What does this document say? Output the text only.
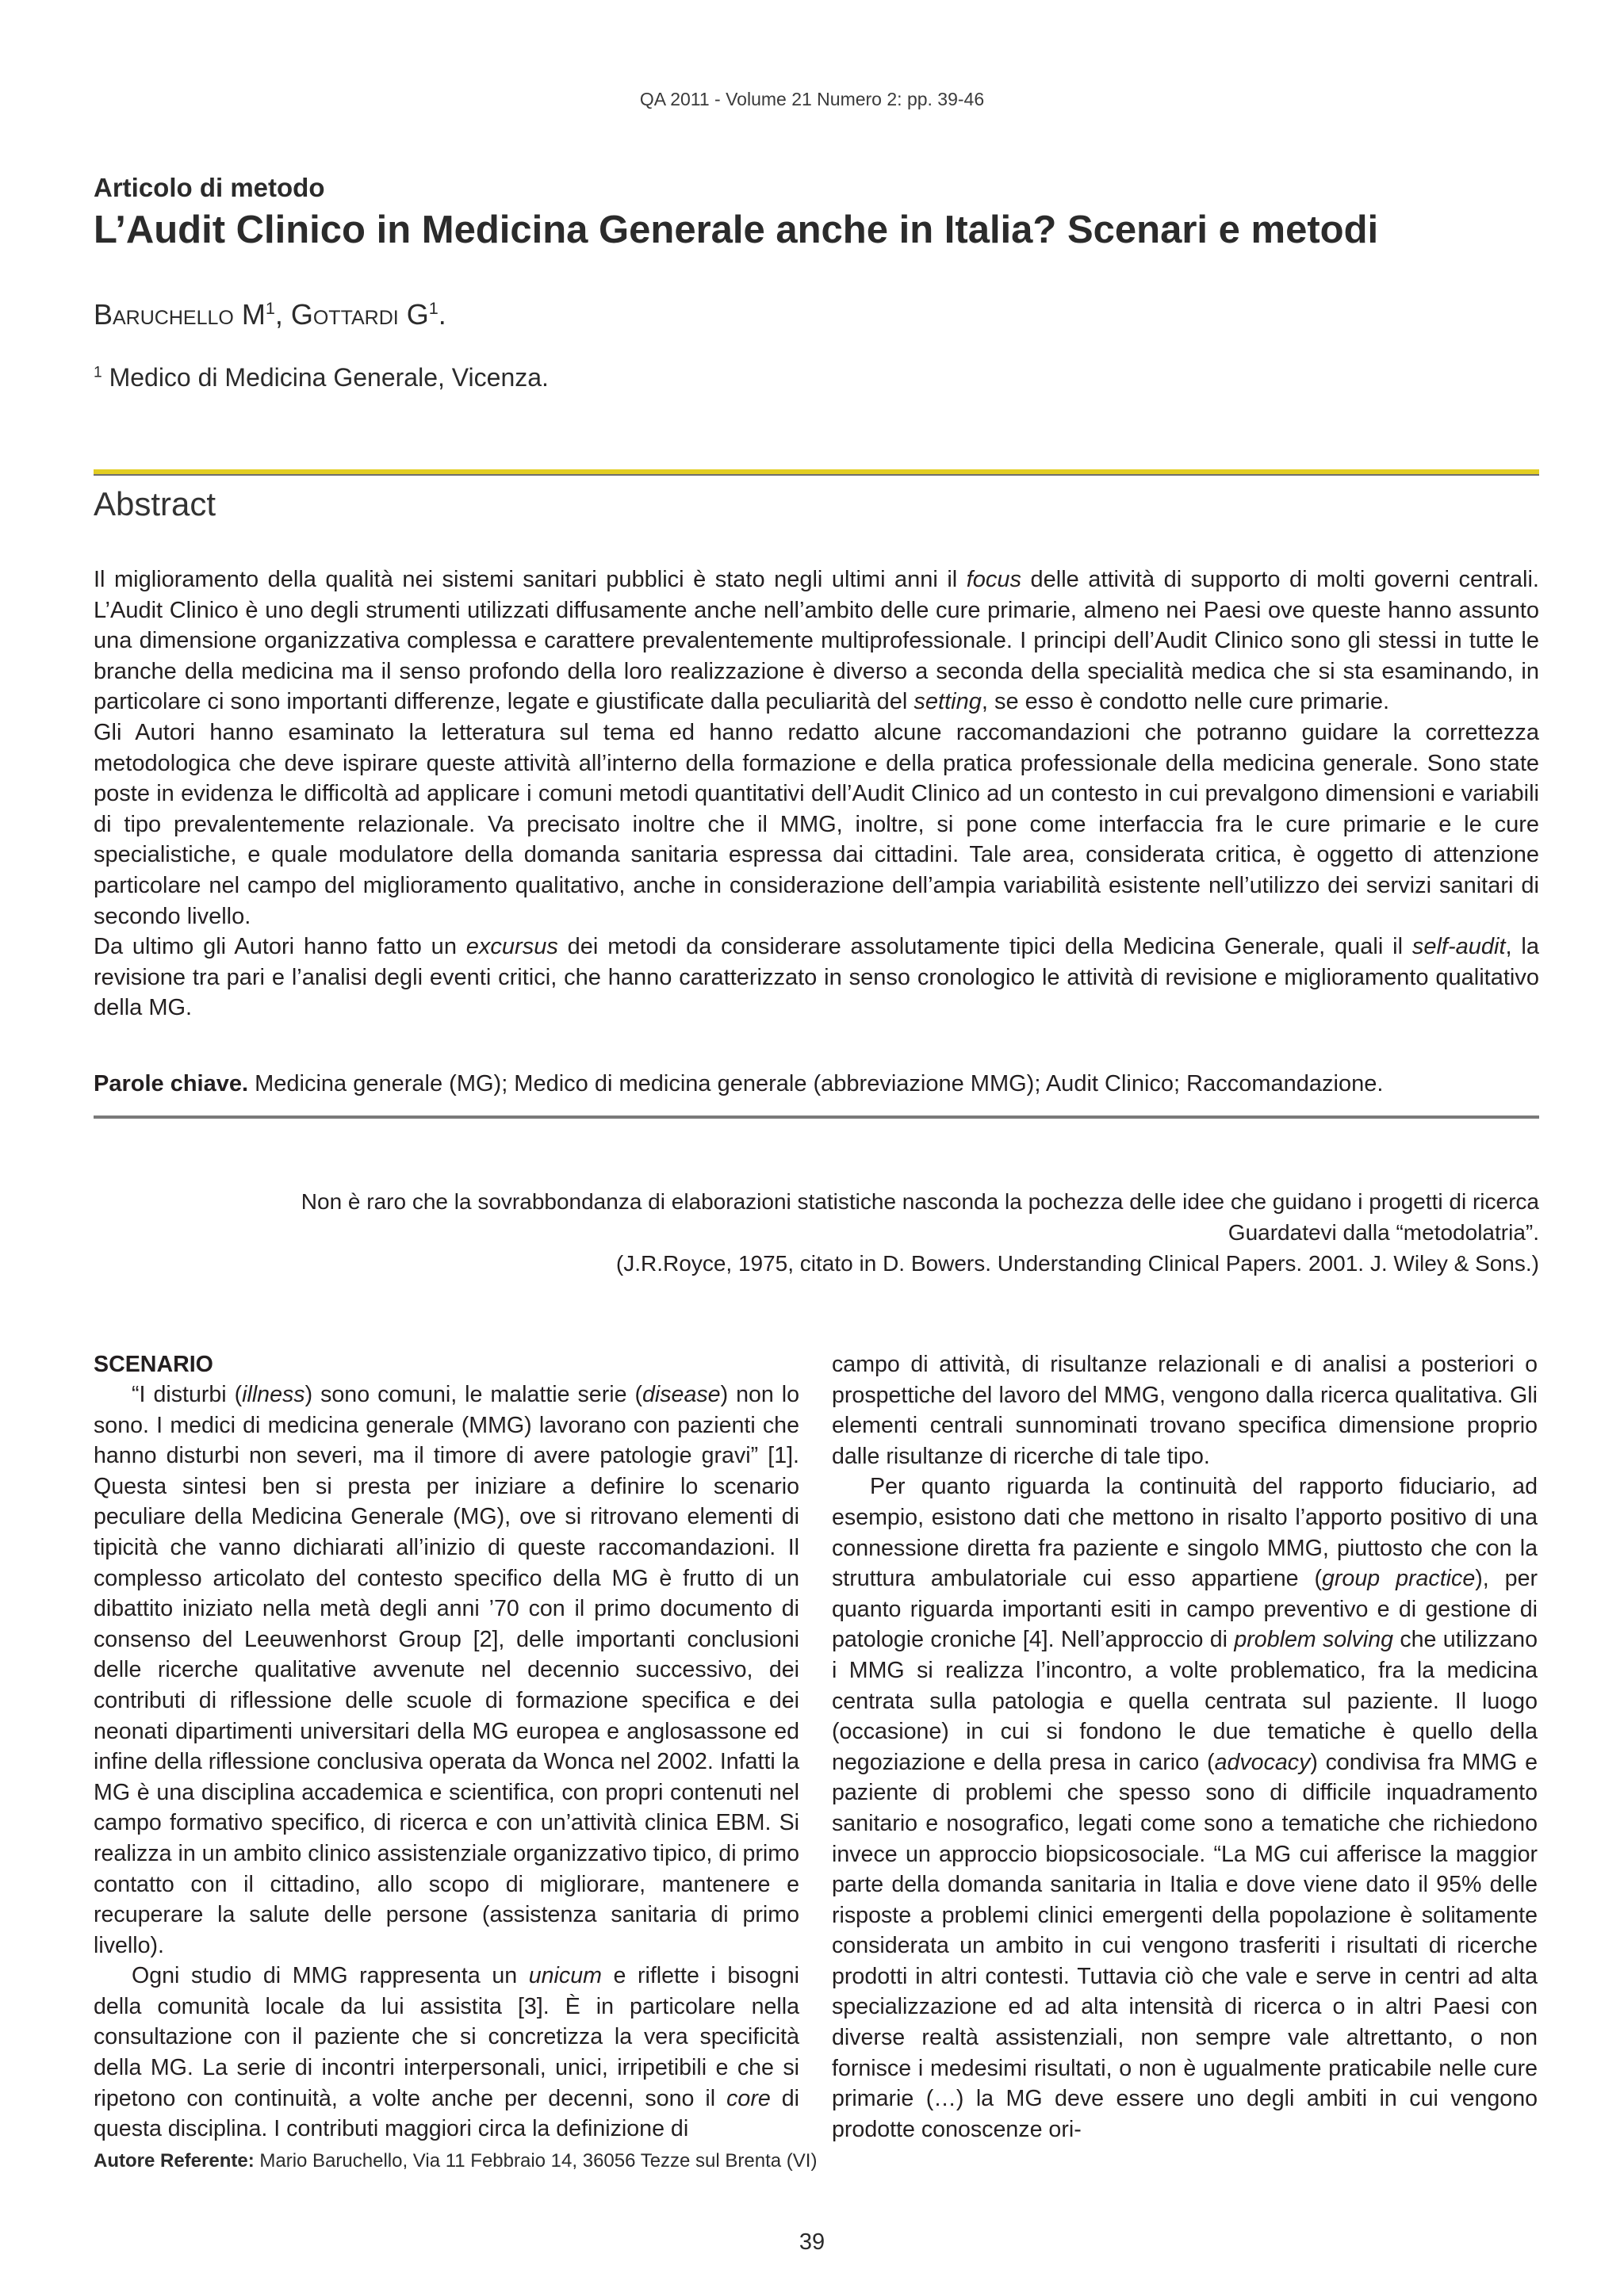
QA 2011 - Volume 21 Numero 2: pp. 39-46
Articolo di metodo
L’Audit Clinico in Medicina Generale anche in Italia? Scenari e metodi
Baruchello $M^1$, Gottardi $G^1$.
$^1$ Medico di Medicina Generale, Vicenza.
Abstract

Il miglioramento della qualità nei sistemi sanitari pubblici è stato negli ultimi anni il focus delle attività di supporto di molti governi centrali. L’Audit Clinico è uno degli strumenti utilizzati diffusamente anche nell’ambito delle cure primarie, almeno nei Paesi ove queste hanno assunto una dimensione organizzativa complessa e carattere prevalentemente multiprofessionale. I principi dell’Audit Clinico sono gli stessi in tutte le branche della medicina ma il senso profondo della loro realizzazione è diverso a seconda della specialità medica che si sta esaminando, in particolare ci sono importanti differenze, legate e giustificate dalla peculiarità del setting, se esso è condotto nelle cure primarie.

Gli Autori hanno esaminato la letteratura sul tema ed hanno redatto alcune raccomandazioni che potranno guidare la correttezza metodologica che deve ispirare queste attività all’interno della formazione e della pratica professionale della medicina generale. Sono state poste in evidenza le difficoltà ad applicare i comuni metodi quantitativi dell’Audit Clinico ad un contesto in cui prevalgono dimensioni e variabili di tipo prevalentemente relazionale. Va precisato inoltre che il MMG, inoltre, si pone come interfaccia fra le cure primarie e le cure specialistiche, e quale modulatore della domanda sanitaria espressa dai cittadini. Tale area, considerata critica, è oggetto di attenzione particolare nel campo del miglioramento qualitativo, anche in considerazione dell’ampia variabilità esistente nell’utilizzo dei servizi sanitari di secondo livello.

Da ultimo gli Autori hanno fatto un excursus dei metodi da considerare assolutamente tipici della Medicina Generale, quali il self-audit, la revisione tra pari e l’analisi degli eventi critici, che hanno caratterizzato in senso cronologico le attività di revisione e miglioramento qualitativo della MG.

Parole chiave. Medicina generale (MG); Medico di medicina generale (abbreviazione MMG); Audit Clinico; Raccomandazione.
Non è raro che la sovrabbondanza di elaborazioni statistiche nasconda la pochezza delle idee che guidano i progetti di ricerca
Guardatevi dalla “metodolatria”.
(J.R.Royce, 1975, citato in D. Bowers. Understanding Clinical Papers. 2001. J. Wiley & Sons.)

SCENARIO

“I disturbi (illness) sono comuni, le malattie serie (disease) non lo sono. I medici di medicina generale (MMG) lavorano con pazienti che hanno disturbi non severi, ma il timore di avere patologie gravi” [1]. Questa sintesi ben si presta per iniziare a definire lo scenario peculiare della Medicina Generale (MG), ove si ritrovano elementi di tipicità che vanno dichiarati all’inizio di queste raccomandazioni. Il complesso articolato del contesto specifico della MG è frutto di un dibattito iniziato nella metà degli anni ’70 con il primo documento di consenso del Leeuwenhorst Group [2], delle importanti conclusioni delle ricerche qualitative avvenute nel decennio successivo, dei contributi di riflessione delle scuole di formazione specifica e dei neonati dipartimenti universitari della MG europea e anglosassone ed infine della riflessione conclusiva operata da Wonca nel 2002. Infatti la MG è una disciplina accademica e scientifica, con propri contenuti nel campo formativo specifico, di ricerca e con un’attività clinica EBM. Si realizza in un ambito clinico assistenziale organizzativo tipico, di primo contatto con il cittadino, allo scopo di migliorare, mantenere e recuperare la salute delle persone (assistenza sanitaria di primo livello).

Ogni studio di MMG rappresenta un unicum e riflette i bisogni della comunità locale da lui assistita [3]. È in particolare nella consultazione con il paziente che si concretizza la vera specificità della MG. La serie di incontri interpersonali, unici, irripetibili e che si ripetono con continuità, a volte anche per decenni, sono il core di questa disciplina. I contributi maggiori circa la definizione di

campo di attività, di risultanze relazionali e di analisi a posteriori o prospettiche del lavoro del MMG, vengono dalla ricerca qualitativa. Gli elementi centrali sunnominati trovano specifica dimensione proprio dalle risultanze di ricerche di tale tipo.

Per quanto riguarda la continuità del rapporto fiduciario, ad esempio, esistono dati che mettono in risalto l’apporto positivo di una connessione diretta fra paziente e singolo MMG, piuttosto che con la struttura ambulatoriale cui esso appartiene (group practice), per quanto riguarda importanti esiti in campo preventivo e di gestione di patologie croniche [4]. Nell’approccio di problem solving che utilizzano i MMG si realizza l’incontro, a volte problematico, fra la medicina centrata sulla patologia e quella centrata sul paziente. Il luogo (occasione) in cui si fondono le due tematiche è quello della negoziazione e della presa in carico (advocacy) condivisa fra MMG e paziente di problemi che spesso sono di difficile inquadramento sanitario e nosografico, legati come sono a tematiche che richiedono invece un approccio biopsicosociale. “La MG cui afferisce la maggior parte della domanda sanitaria in Italia e dove viene dato il 95% delle risposte a problemi clinici emergenti della popolazione è solitamente considerata un ambito in cui vengono trasferiti i risultati di ricerche prodotti in altri contesti. Tuttavia ciò che vale e serve in centri ad alta specializzazione ed ad alta intensità di ricerca o in altri Paesi con diverse realtà assistenziali, non sempre vale altrettanto, o non fornisce i medesimi risultati, o non è ugualmente praticabile nelle cure primarie (…) la MG deve essere uno degli ambiti in cui vengono prodotte conoscenze ori-

Autore Referente: Mario Baruchello, Via 11 Febbraio 14, 36056 Tezze sul Brenta (VI)
39
